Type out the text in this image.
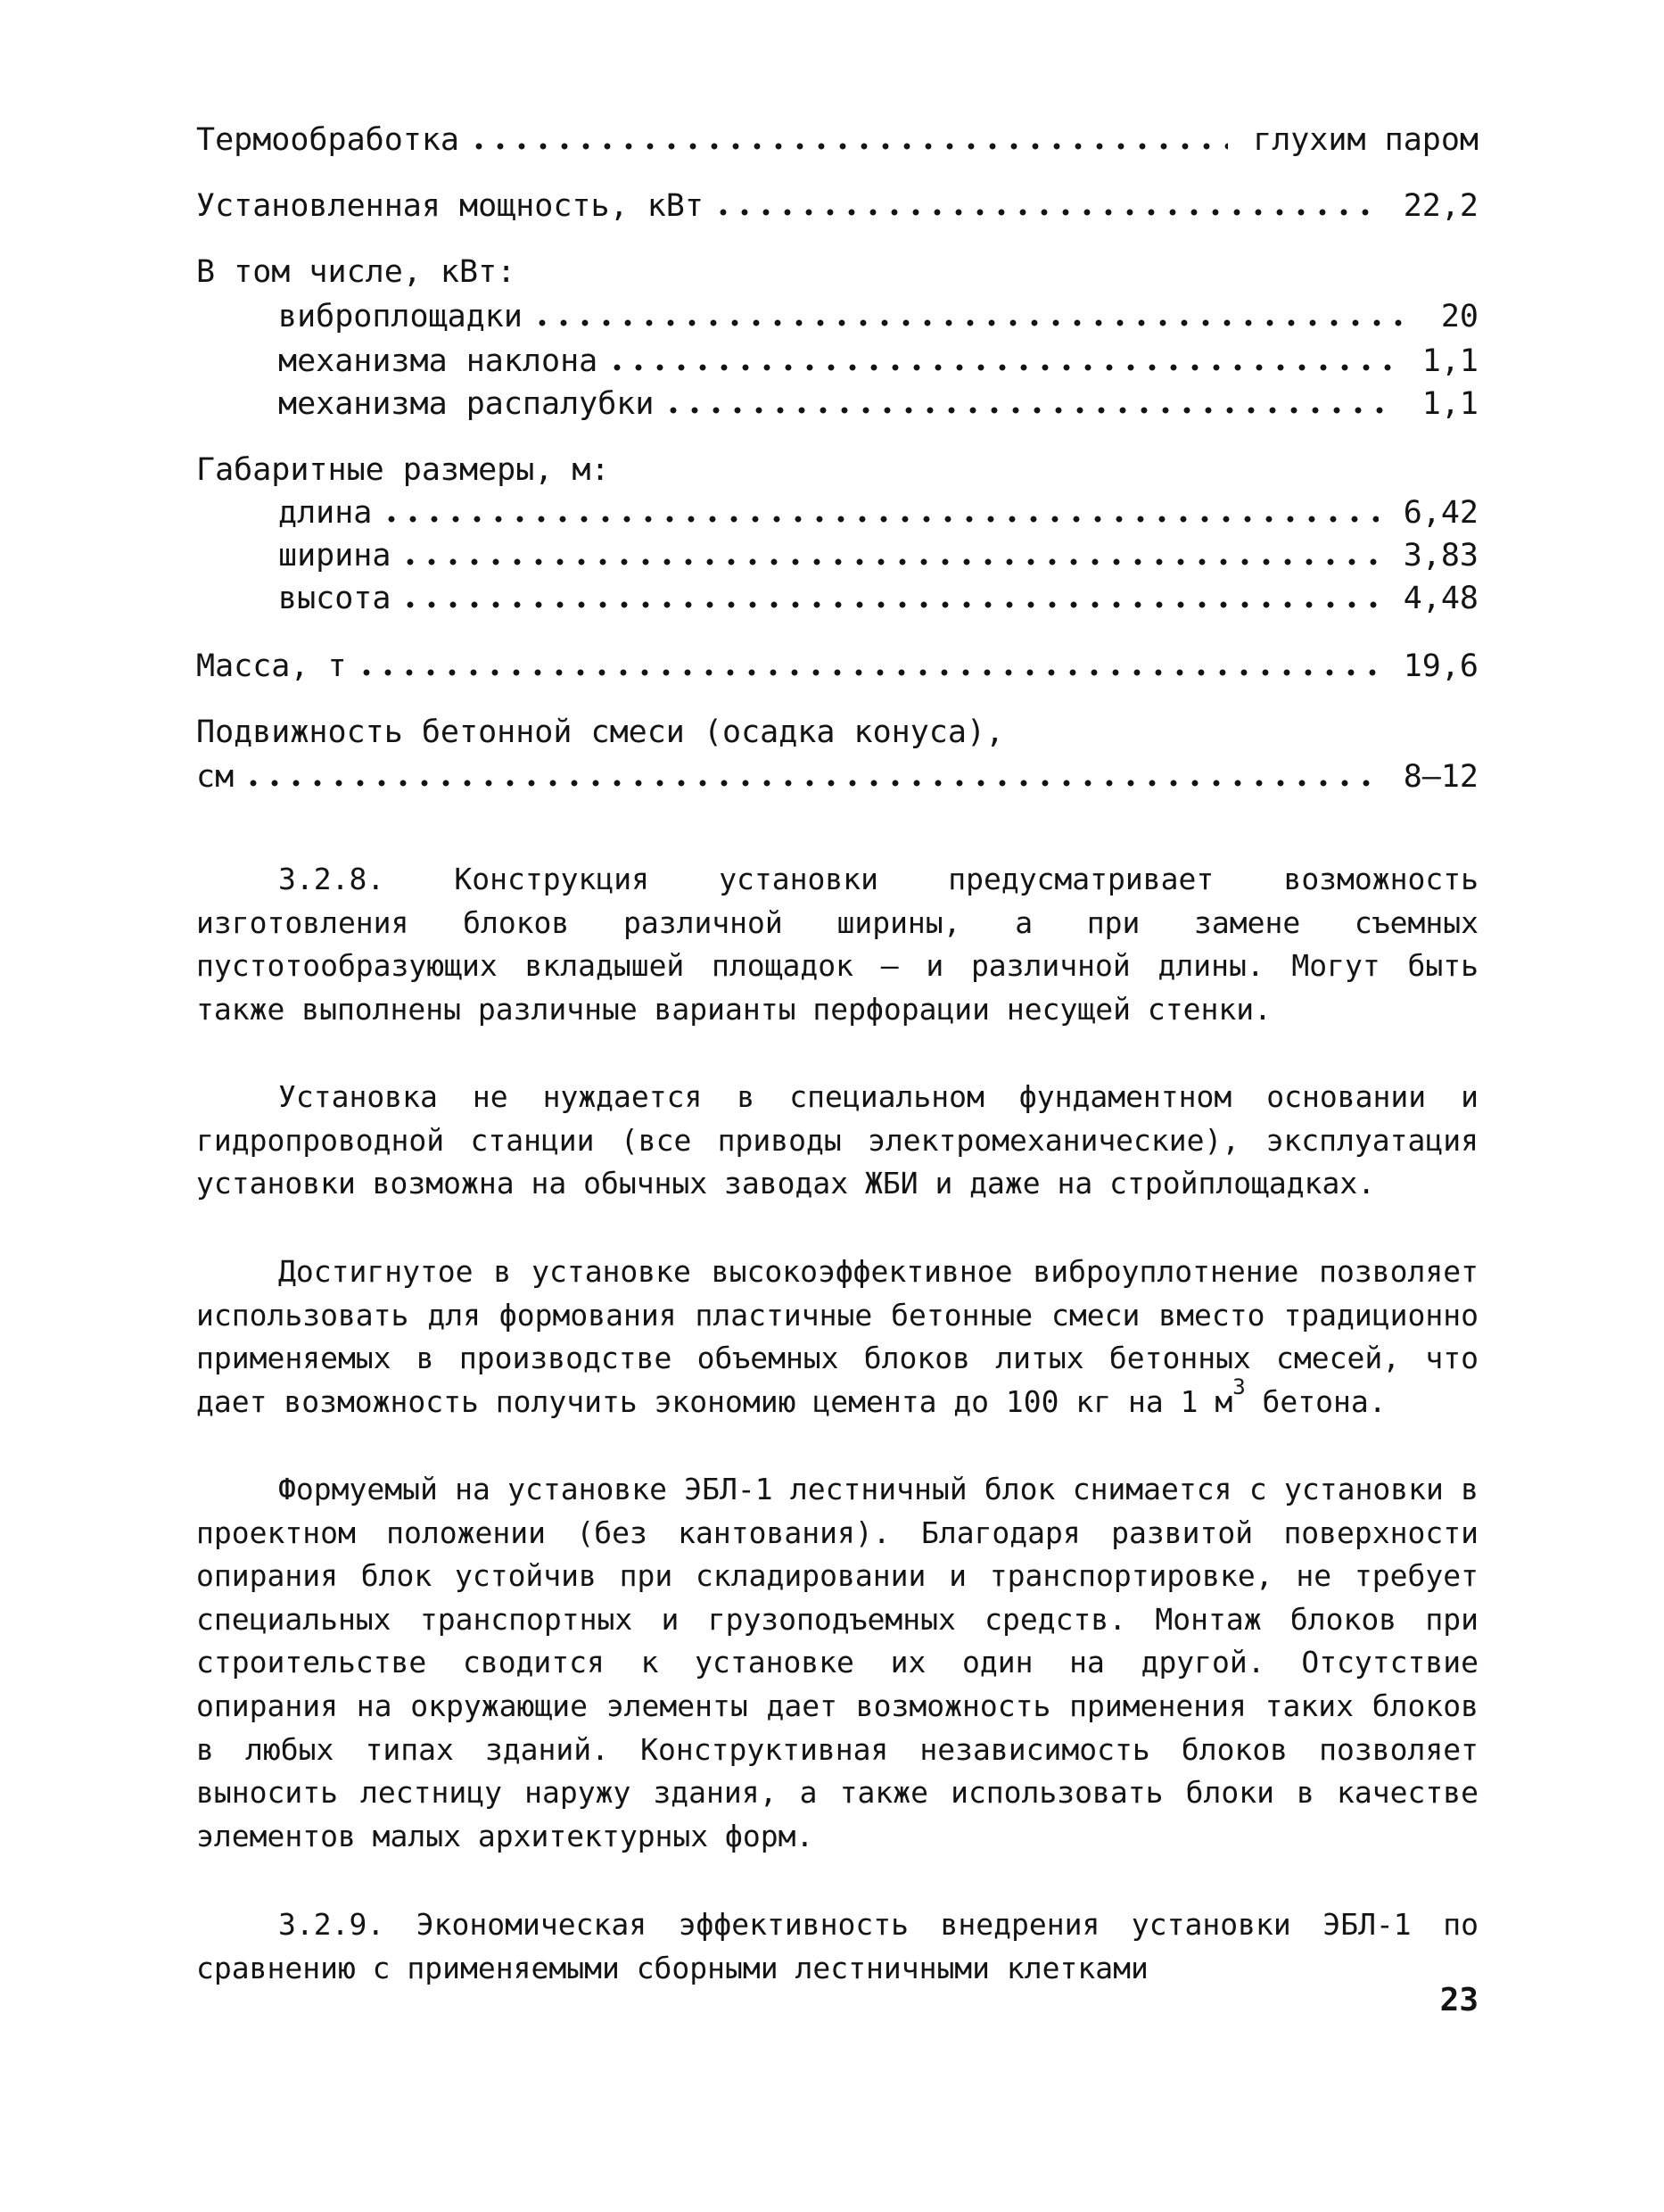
Термообработка	глухим паром
Установленная мощность, кВт	22,2
В том числе, кВт:
виброплощадки	20
механизма наклона	1,1
механизма распалубки	1,1
Габаритные размеры, м:
длина	6,42
ширина	3,83
высота	4,48
Масса, т	19,6
Подвижность бетонной смеси (осадка конуса),
см	8–12

3.2.8. Конструкция установки предусматривает возможность изготовления блоков различной ширины, а при замене съемных пустотообразующих вкладышей площадок – и различной длины. Могут быть также выполнены различные варианты перфорации несущей стенки.

Установка не нуждается в специальном фундаментном основании и гидропроводной станции (все приводы электромеханические), эксплуатация установки возможна на обычных заводах ЖБИ и даже на стройплощадках.

Достигнутое в установке высокоэффективное виброуплотнение позволяет использовать для формования пластичные бетонные смеси вместо традиционно применяемых в производстве объемных блоков литых бетонных смесей, что дает возможность получить экономию цемента до 100 кг на 1 $м^3$ бетона.

Формуемый на установке ЭБЛ-1 лестничный блок снимается с установки в проектном положении (без кантования). Благодаря развитой поверхности опирания блок устойчив при складировании и транспортировке, не требует специальных транспортных и грузоподъемных средств. Монтаж блоков при строительстве сводится к установке их один на другой. Отсутствие опирания на окружающие элементы дает возможность применения таких блоков в любых типах зданий. Конструктивная независимость блоков позволяет выносить лестницу наружу здания, а также использовать блоки в качестве элементов малых архитектурных форм.

3.2.9. Экономическая эффективность внедрения установки ЭБЛ-1 по сравнению с применяемыми сборными лестничными клетками

23
